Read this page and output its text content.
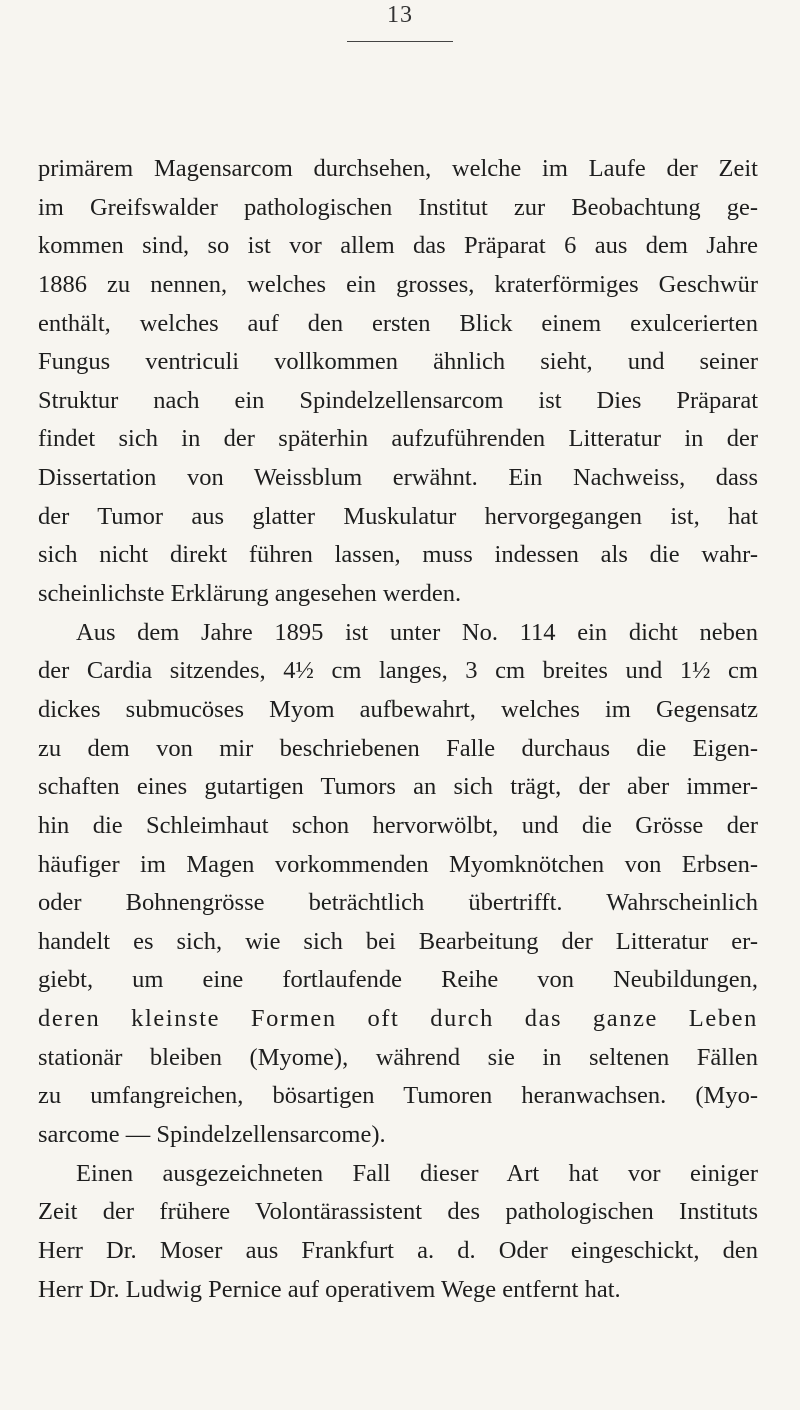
13
primärem Magensarcom durchsehen, welche im Laufe der Zeit
im Greifswalder pathologischen Institut zur Beobachtung ge-
kommen sind, so ist vor allem das Präparat 6 aus dem Jahre
1886 zu nennen, welches ein grosses, kraterförmiges Geschwür
enthält, welches auf den ersten Blick einem exulcerierten
Fungus ventriculi vollkommen ähnlich sieht, und seiner
Struktur nach ein Spindelzellensarcom ist Dies Präparat
findet sich in der späterhin aufzuführenden Litteratur in der
Dissertation von Weissblum erwähnt. Ein Nachweiss, dass
der Tumor aus glatter Muskulatur hervorgegangen ist, hat
sich nicht direkt führen lassen, muss indessen als die wahr-
scheinlichste Erklärung angesehen werden.
Aus dem Jahre 1895 ist unter No. 114 ein dicht neben
der Cardia sitzendes, 4½ cm langes, 3 cm breites und 1½ cm
dickes submucöses Myom aufbewahrt, welches im Gegensatz
zu dem von mir beschriebenen Falle durchaus die Eigen-
schaften eines gutartigen Tumors an sich trägt, der aber immer-
hin die Schleimhaut schon hervorwölbt, und die Grösse der
häufiger im Magen vorkommenden Myomknötchen von Erbsen-
oder Bohnengrösse beträchtlich übertrifft. Wahrscheinlich
handelt es sich, wie sich bei Bearbeitung der Litteratur er-
giebt, um eine fortlaufende Reihe von Neubildungen,
deren kleinste Formen oft durch das ganze Leben
stationär bleiben (Myome), während sie in seltenen Fällen
zu umfangreichen, bösartigen Tumoren heranwachsen. (Myo-
sarcome — Spindelzellensarcome).
Einen ausgezeichneten Fall dieser Art hat vor einiger
Zeit der frühere Volontärassistent des pathologischen Instituts
Herr Dr. Moser aus Frankfurt a. d. Oder eingeschickt, den
Herr Dr. Ludwig Pernice auf operativem Wege entfernt hat.
